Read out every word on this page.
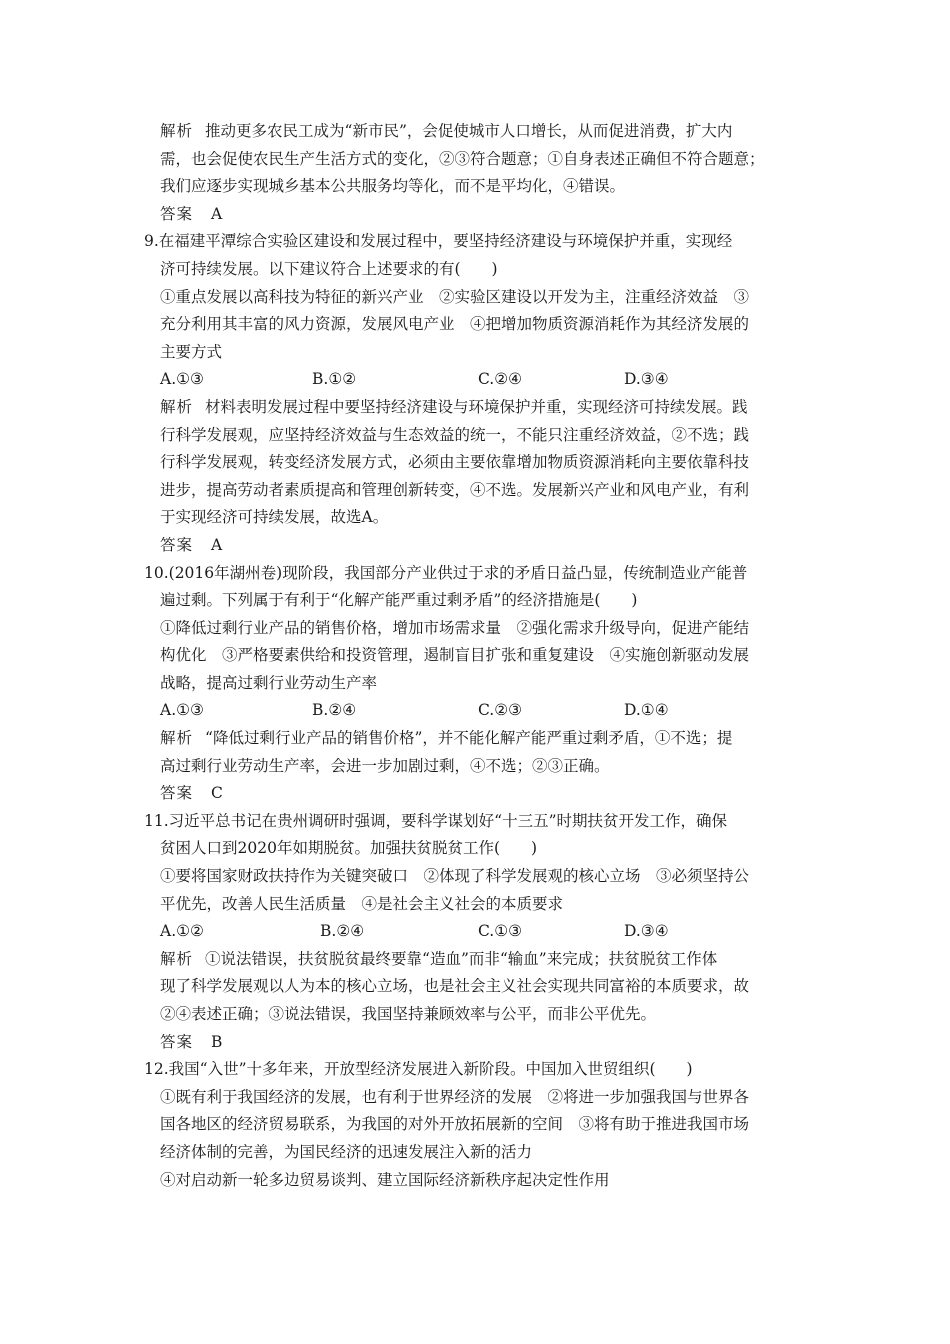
解析 推动更多农民工成为“新市民”，会促使城市人口增长，从而促进消费，扩大内
需，也会促使农民生产生活方式的变化，②③符合题意；①自身表述正确但不符合题意；
我们应逐步实现城乡基本公共服务均等化，而不是平均化，④错误。
答案 A
9.在福建平潭综合实验区建设和发展过程中，要坚持经济建设与环境保护并重，实现经
济可持续发展。以下建议符合上述要求的有(　　)
①重点发展以高科技为特征的新兴产业　②实验区建设以开发为主，注重经济效益　③
充分利用其丰富的风力资源，发展风电产业　④把增加物质资源消耗作为其经济发展的
主要方式
A.①③	B.①②	C.②④	D.③④
解析 材料表明发展过程中要坚持经济建设与环境保护并重，实现经济可持续发展。践
行科学发展观，应坚持经济效益与生态效益的统一，不能只注重经济效益，②不选；践
行科学发展观，转变经济发展方式，必须由主要依靠增加物质资源消耗向主要依靠科技
进步，提高劳动者素质提高和管理创新转变，④不选。发展新兴产业和风电产业，有利
于实现经济可持续发展，故选A。
答案 A
10.(2016年湖州卷)现阶段，我国部分产业供过于求的矛盾日益凸显，传统制造业产能普
遍过剩。下列属于有利于“化解产能严重过剩矛盾”的经济措施是(　　)
①降低过剩行业产品的销售价格，增加市场需求量　②强化需求升级导向，促进产能结
构优化　③严格要素供给和投资管理，遏制盲目扩张和重复建设　④实施创新驱动发展
战略，提高过剩行业劳动生产率
A.①③	B.②④	C.②③	D.①④
解析 “降低过剩行业产品的销售价格”，并不能化解产能严重过剩矛盾，①不选；提
高过剩行业劳动生产率，会进一步加剧过剩，④不选；②③正确。
答案 C
11.习近平总书记在贵州调研时强调，要科学谋划好“十三五”时期扶贫开发工作，确保
贫困人口到2020年如期脱贫。加强扶贫脱贫工作(　　)
①要将国家财政扶持作为关键突破口　②体现了科学发展观的核心立场　③必须坚持公
平优先，改善人民生活质量　④是社会主义社会的本质要求
A.①②	B.②④	C.①③	D.③④
解析 ①说法错误，扶贫脱贫最终要靠“造血”而非“输血”来完成；扶贫脱贫工作体
现了科学发展观以人为本的核心立场，也是社会主义社会实现共同富裕的本质要求，故
②④表述正确；③说法错误，我国坚持兼顾效率与公平，而非公平优先。
答案 B
12.我国“入世”十多年来，开放型经济发展进入新阶段。中国加入世贸组织(　　)
①既有利于我国经济的发展，也有利于世界经济的发展　②将进一步加强我国与世界各
国各地区的经济贸易联系，为我国的对外开放拓展新的空间　③将有助于推进我国市场
经济体制的完善，为国民经济的迅速发展注入新的活力
④对启动新一轮多边贸易谈判、建立国际经济新秩序起决定性作用
